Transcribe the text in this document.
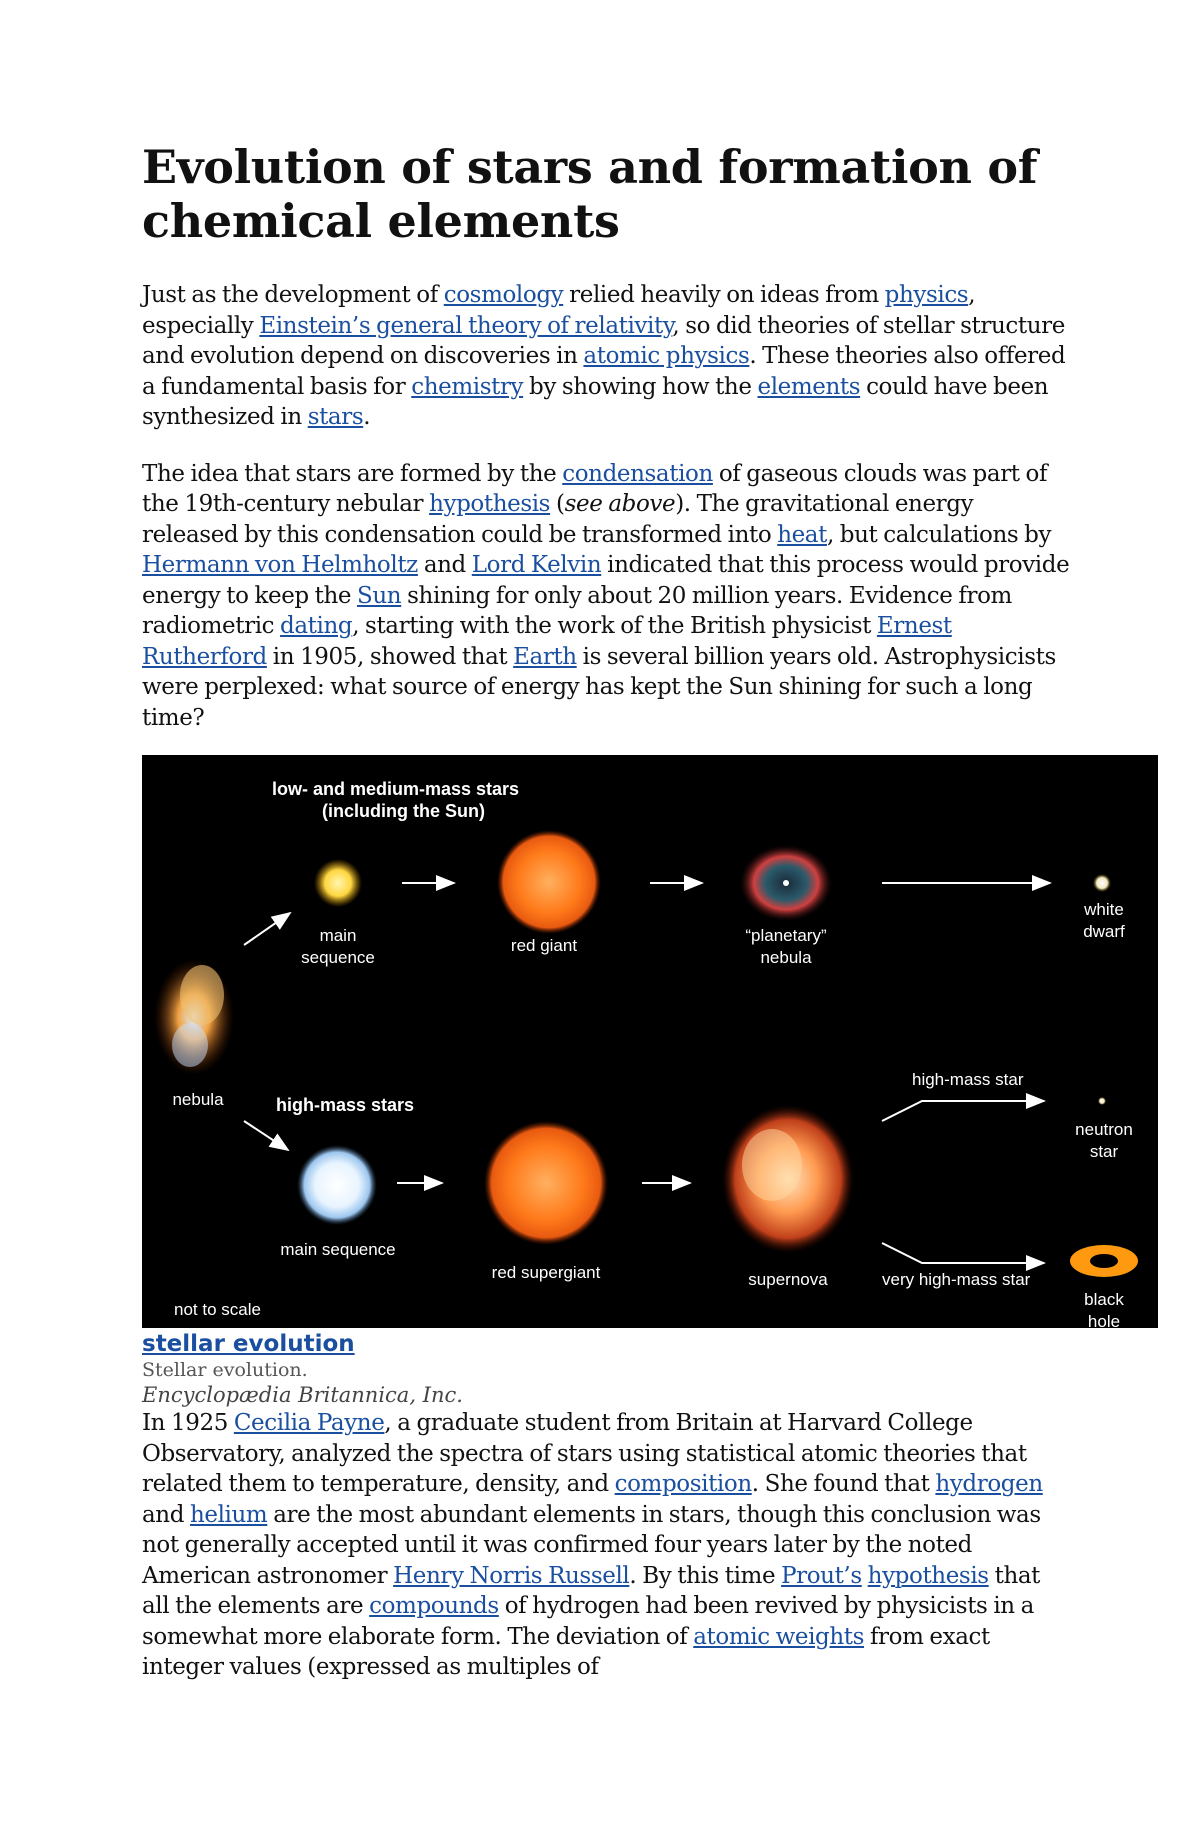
Evolution of stars and formation of chemical elements

Just as the development of cosmology relied heavily on ideas from physics, especially Einstein’s general theory of relativity, so did theories of stellar structure and evolution depend on discoveries in atomic physics. These theories also offered a fundamental basis for chemistry by showing how the elements could have been synthesized in stars.

The idea that stars are formed by the condensation of gaseous clouds was part of the 19th-century nebular hypothesis (see above). The gravitational energy released by this condensation could be transformed into heat, but calculations by Hermann von Helmholtz and Lord Kelvin indicated that this process would provide energy to keep the Sun shining for only about 20 million years. Evidence from radiometric dating, starting with the work of the British physicist Ernest Rutherford in 1905, showed that Earth is several billion years old. Astrophysicists were perplexed: what source of energy has kept the Sun shining for such a long time?

low- and medium-mass stars
(including the Sun)
main
sequence
red giant
“planetary”
nebula
white
dwarf
nebula	high-mass stars
main sequence
red supergiant	supernova
high-mass star
neutron
star
very high-mass star
black
hole
not to scale
stellar evolution
Stellar evolution.
Encyclopædia Britannica, Inc.

In 1925 Cecilia Payne, a graduate student from Britain at Harvard College Observatory, analyzed the spectra of stars using statistical atomic theories that related them to temperature, density, and composition. She found that hydrogen and helium are the most abundant elements in stars, though this conclusion was not generally accepted until it was confirmed four years later by the noted American astronomer Henry Norris Russell. By this time Prout’s hypothesis that all the elements are compounds of hydrogen had been revived by physicists in a somewhat more elaborate form. The deviation of atomic weights from exact integer values (expressed as multiples of
